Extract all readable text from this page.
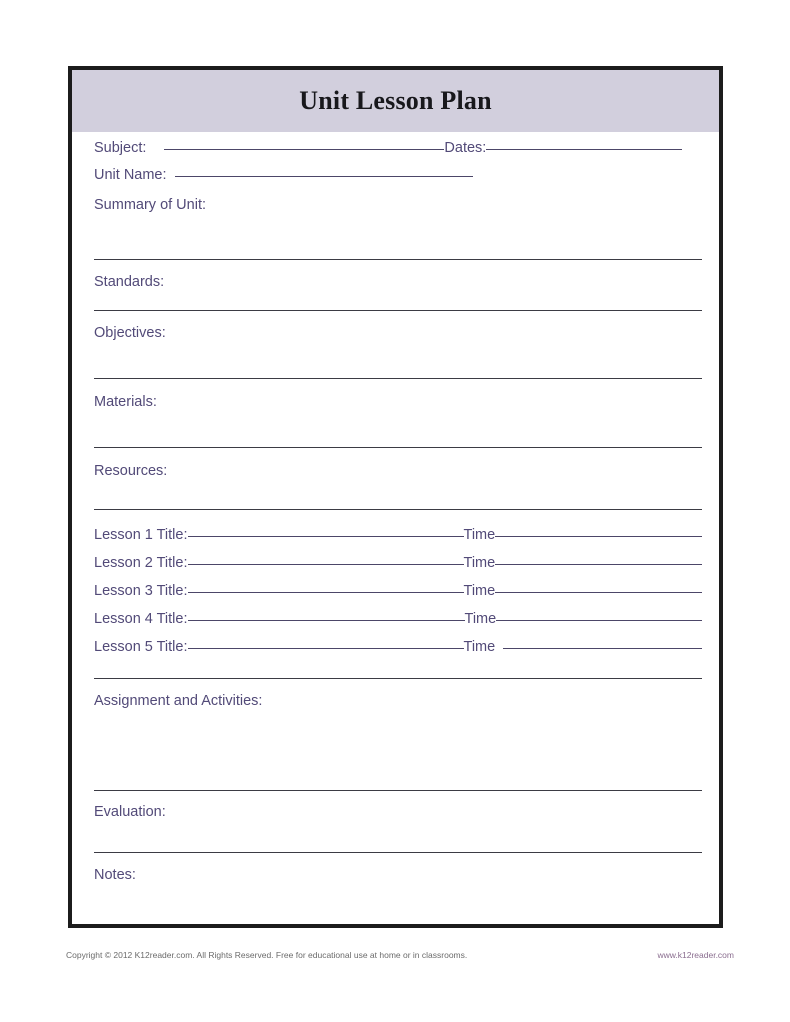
Unit Lesson Plan
Subject:	Dates:
Unit Name:
Summary of Unit:
Standards:
Objectives:
Materials:
Resources:
Lesson 1 Title:	Time
Lesson 2 Title:	Time
Lesson 3 Title:	Time
Lesson 4 Title:	Time
Lesson 5 Title:	Time
Assignment and Activities:
Evaluation:
Notes:
Copyright © 2012 K12reader.com. All Rights Reserved. Free for educational use at home or in classrooms.	www.k12reader.com
